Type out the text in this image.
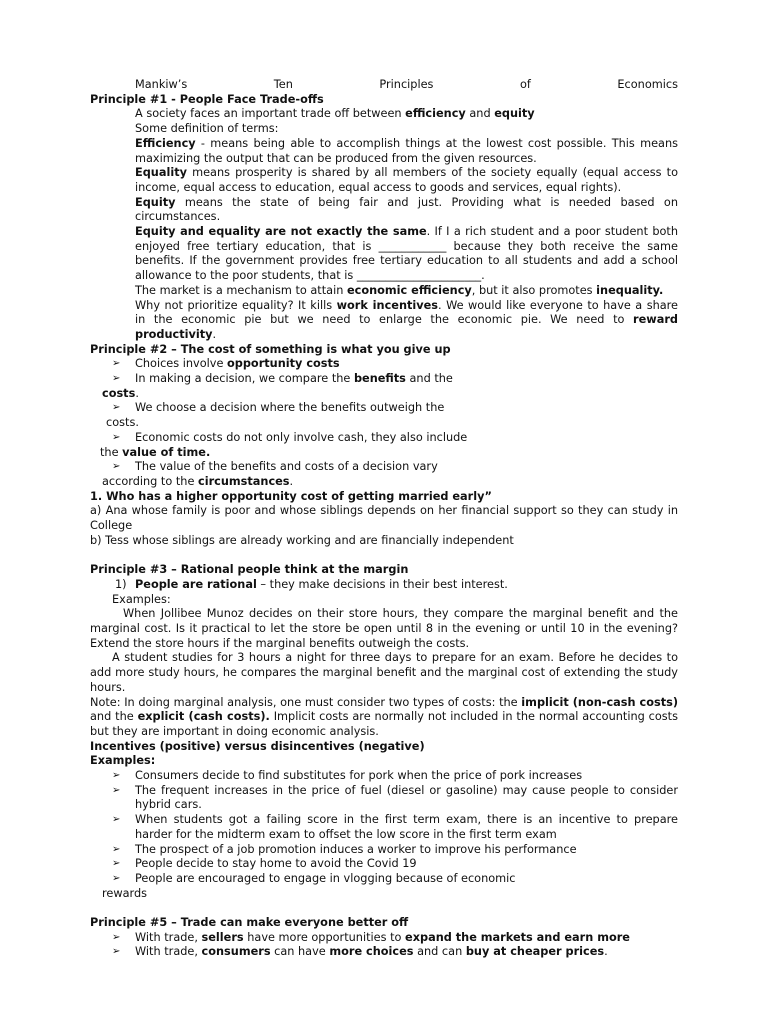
Mankiw’s	Ten	Principles	of	Economics

Principle #1 - People Face Trade-offs

A society faces an important trade off between efficiency and equity

Some definition of terms:

Efficiency - means being able to accomplish things at the lowest cost possible. This means maximizing the output that can be produced from the given resources.

Equality means prosperity is shared by all members of the society equally (equal access to income, equal access to education, equal access to goods and services, equal rights).

Equity means the state of being fair and just. Providing what is needed based on circumstances.

Equity and equality are not exactly the same. If I a rich student and a poor student both enjoyed free tertiary education, that is ____________ because they both receive the same benefits. If the government provides free tertiary education to all students and add a school allowance to the poor students, that is ______________________.

The market is a mechanism to attain economic efficiency, but it also promotes inequality.

Why not prioritize equality? It kills work incentives. We would like everyone to have a share in the economic pie but we need to enlarge the economic pie. We need to reward productivity.

Principle #2 – The cost of something is what you give up

➢ Choices involve opportunity costs
➢ In making a decision, we compare the benefits and the

costs.

➢ We choose a decision where the benefits outweigh the

costs.

➢ Economic costs do not only involve cash, they also include

the value of time.

➢ The value of the benefits and costs of a decision vary

according to the circumstances.

1. Who has a higher opportunity cost of getting married early”

a) Ana whose family is poor and whose siblings depends on her financial support so they can study in College

b) Tess whose siblings are already working and are financially independent

Principle #3 – Rational people think at the margin

1) People are rational – they make decisions in their best interest.

Examples:

When Jollibee Munoz decides on their store hours, they compare the marginal benefit and the marginal cost. Is it practical to let the store be open until 8 in the evening or until 10 in the evening? Extend the store hours if the marginal benefits outweigh the costs.

A student studies for 3 hours a night for three days to prepare for an exam. Before he decides to add more study hours, he compares the marginal benefit and the marginal cost of extending the study hours.

Note: In doing marginal analysis, one must consider two types of costs: the implicit (non-cash costs) and the explicit (cash costs). Implicit costs are normally not included in the normal accounting costs but they are important in doing economic analysis.

Incentives (positive) versus disincentives (negative)

Examples:

➢ Consumers decide to find substitutes for pork when the price of pork increases
➢ The frequent increases in the price of fuel (diesel or gasoline) may cause people to consider hybrid cars.
➢ When students got a failing score in the first term exam, there is an incentive to prepare harder for the midterm exam to offset the low score in the first term exam
➢ The prospect of a job promotion induces a worker to improve his performance
➢ People decide to stay home to avoid the Covid 19
➢ People are encouraged to engage in vlogging because of economic

rewards

Principle #5 – Trade can make everyone better off

➢ With trade, sellers have more opportunities to expand the markets and earn more
➢ With trade, consumers can have more choices and can buy at cheaper prices.
